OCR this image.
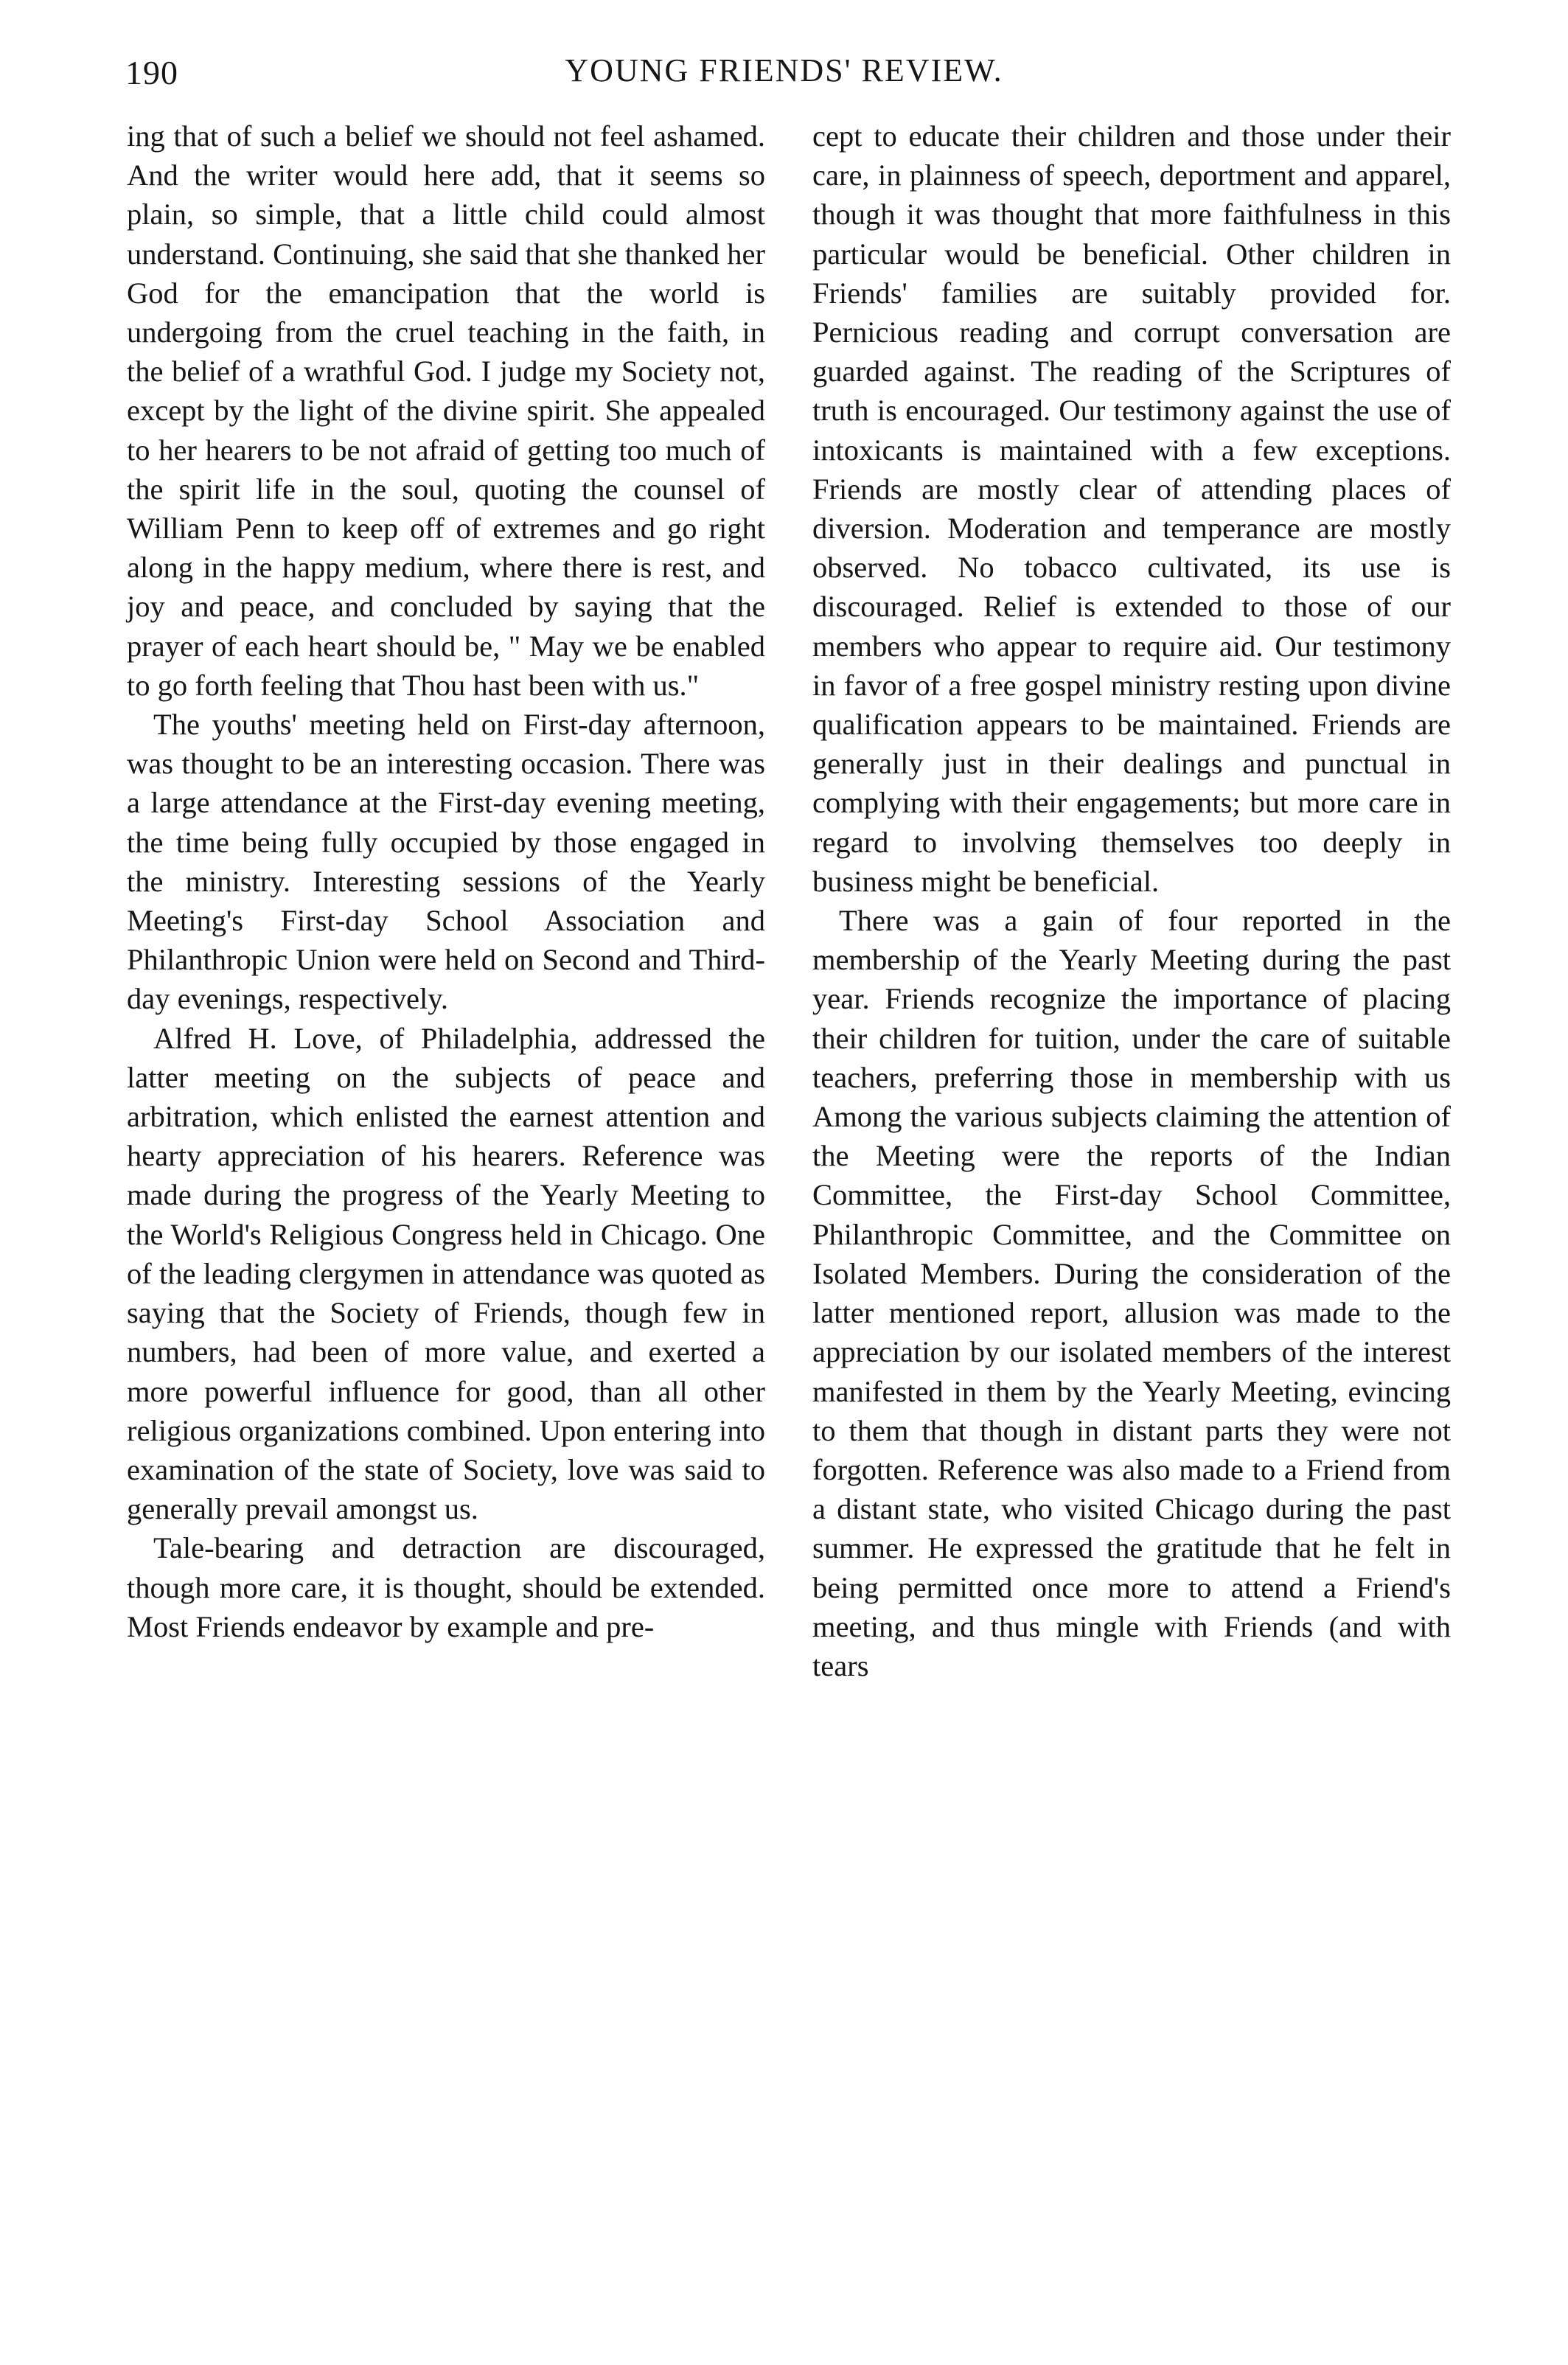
190	YOUNG FRIENDS' REVIEW.

ing that of such a belief we should not feel ashamed. And the writer would here add, that it seems so plain, so simple, that a little child could almost understand. Continuing, she said that she thanked her God for the emancipation that the world is undergoing from the cruel teaching in the faith, in the belief of a wrathful God. I judge my Society not, except by the light of the divine spirit. She appealed to her hearers to be not afraid of getting too much of the spirit life in the soul, quoting the counsel of William Penn to keep off of extremes and go right along in the happy medium, where there is rest, and joy and peace, and concluded by saying that the prayer of each heart should be, " May we be enabled to go forth feeling that Thou hast been with us."

The youths' meeting held on First-day afternoon, was thought to be an interesting occasion. There was a large attendance at the First-day evening meeting, the time being fully occupied by those engaged in the ministry. Interesting sessions of the Yearly Meeting's First-day School Association and Philanthropic Union were held on Second and Third-day evenings, respectively.

Alfred H. Love, of Philadelphia, addressed the latter meeting on the subjects of peace and arbitration, which enlisted the earnest attention and hearty appreciation of his hearers. Reference was made during the progress of the Yearly Meeting to the World's Religious Congress held in Chicago. One of the leading clergymen in attendance was quoted as saying that the Society of Friends, though few in numbers, had been of more value, and exerted a more powerful influence for good, than all other religious organizations combined. Upon entering into examination of the state of Society, love was said to generally prevail amongst us.

Tale-bearing and detraction are discouraged, though more care, it is thought, should be extended. Most Friends endeavor by example and pre-

cept to educate their children and those under their care, in plainness of speech, deportment and apparel, though it was thought that more faithfulness in this particular would be beneficial. Other children in Friends' families are suitably provided for. Pernicious reading and corrupt conversation are guarded against. The reading of the Scriptures of truth is encouraged. Our testimony against the use of intoxicants is maintained with a few exceptions. Friends are mostly clear of attending places of diversion. Moderation and temperance are mostly observed. No tobacco cultivated, its use is discouraged. Relief is extended to those of our members who appear to require aid. Our testimony in favor of a free gospel ministry resting upon divine qualification appears to be maintained. Friends are generally just in their dealings and punctual in complying with their engagements; but more care in regard to involving themselves too deeply in business might be beneficial.

There was a gain of four reported in the membership of the Yearly Meeting during the past year. Friends recognize the importance of placing their children for tuition, under the care of suitable teachers, preferring those in membership with us Among the various subjects claiming the attention of the Meeting were the reports of the Indian Committee, the First-day School Committee, Philanthropic Committee, and the Committee on Isolated Members. During the consideration of the latter mentioned report, allusion was made to the appreciation by our isolated members of the interest manifested in them by the Yearly Meeting, evincing to them that though in distant parts they were not forgotten. Reference was also made to a Friend from a distant state, who visited Chicago during the past summer. He expressed the gratitude that he felt in being permitted once more to attend a Friend's meeting, and thus mingle with Friends (and with tears
